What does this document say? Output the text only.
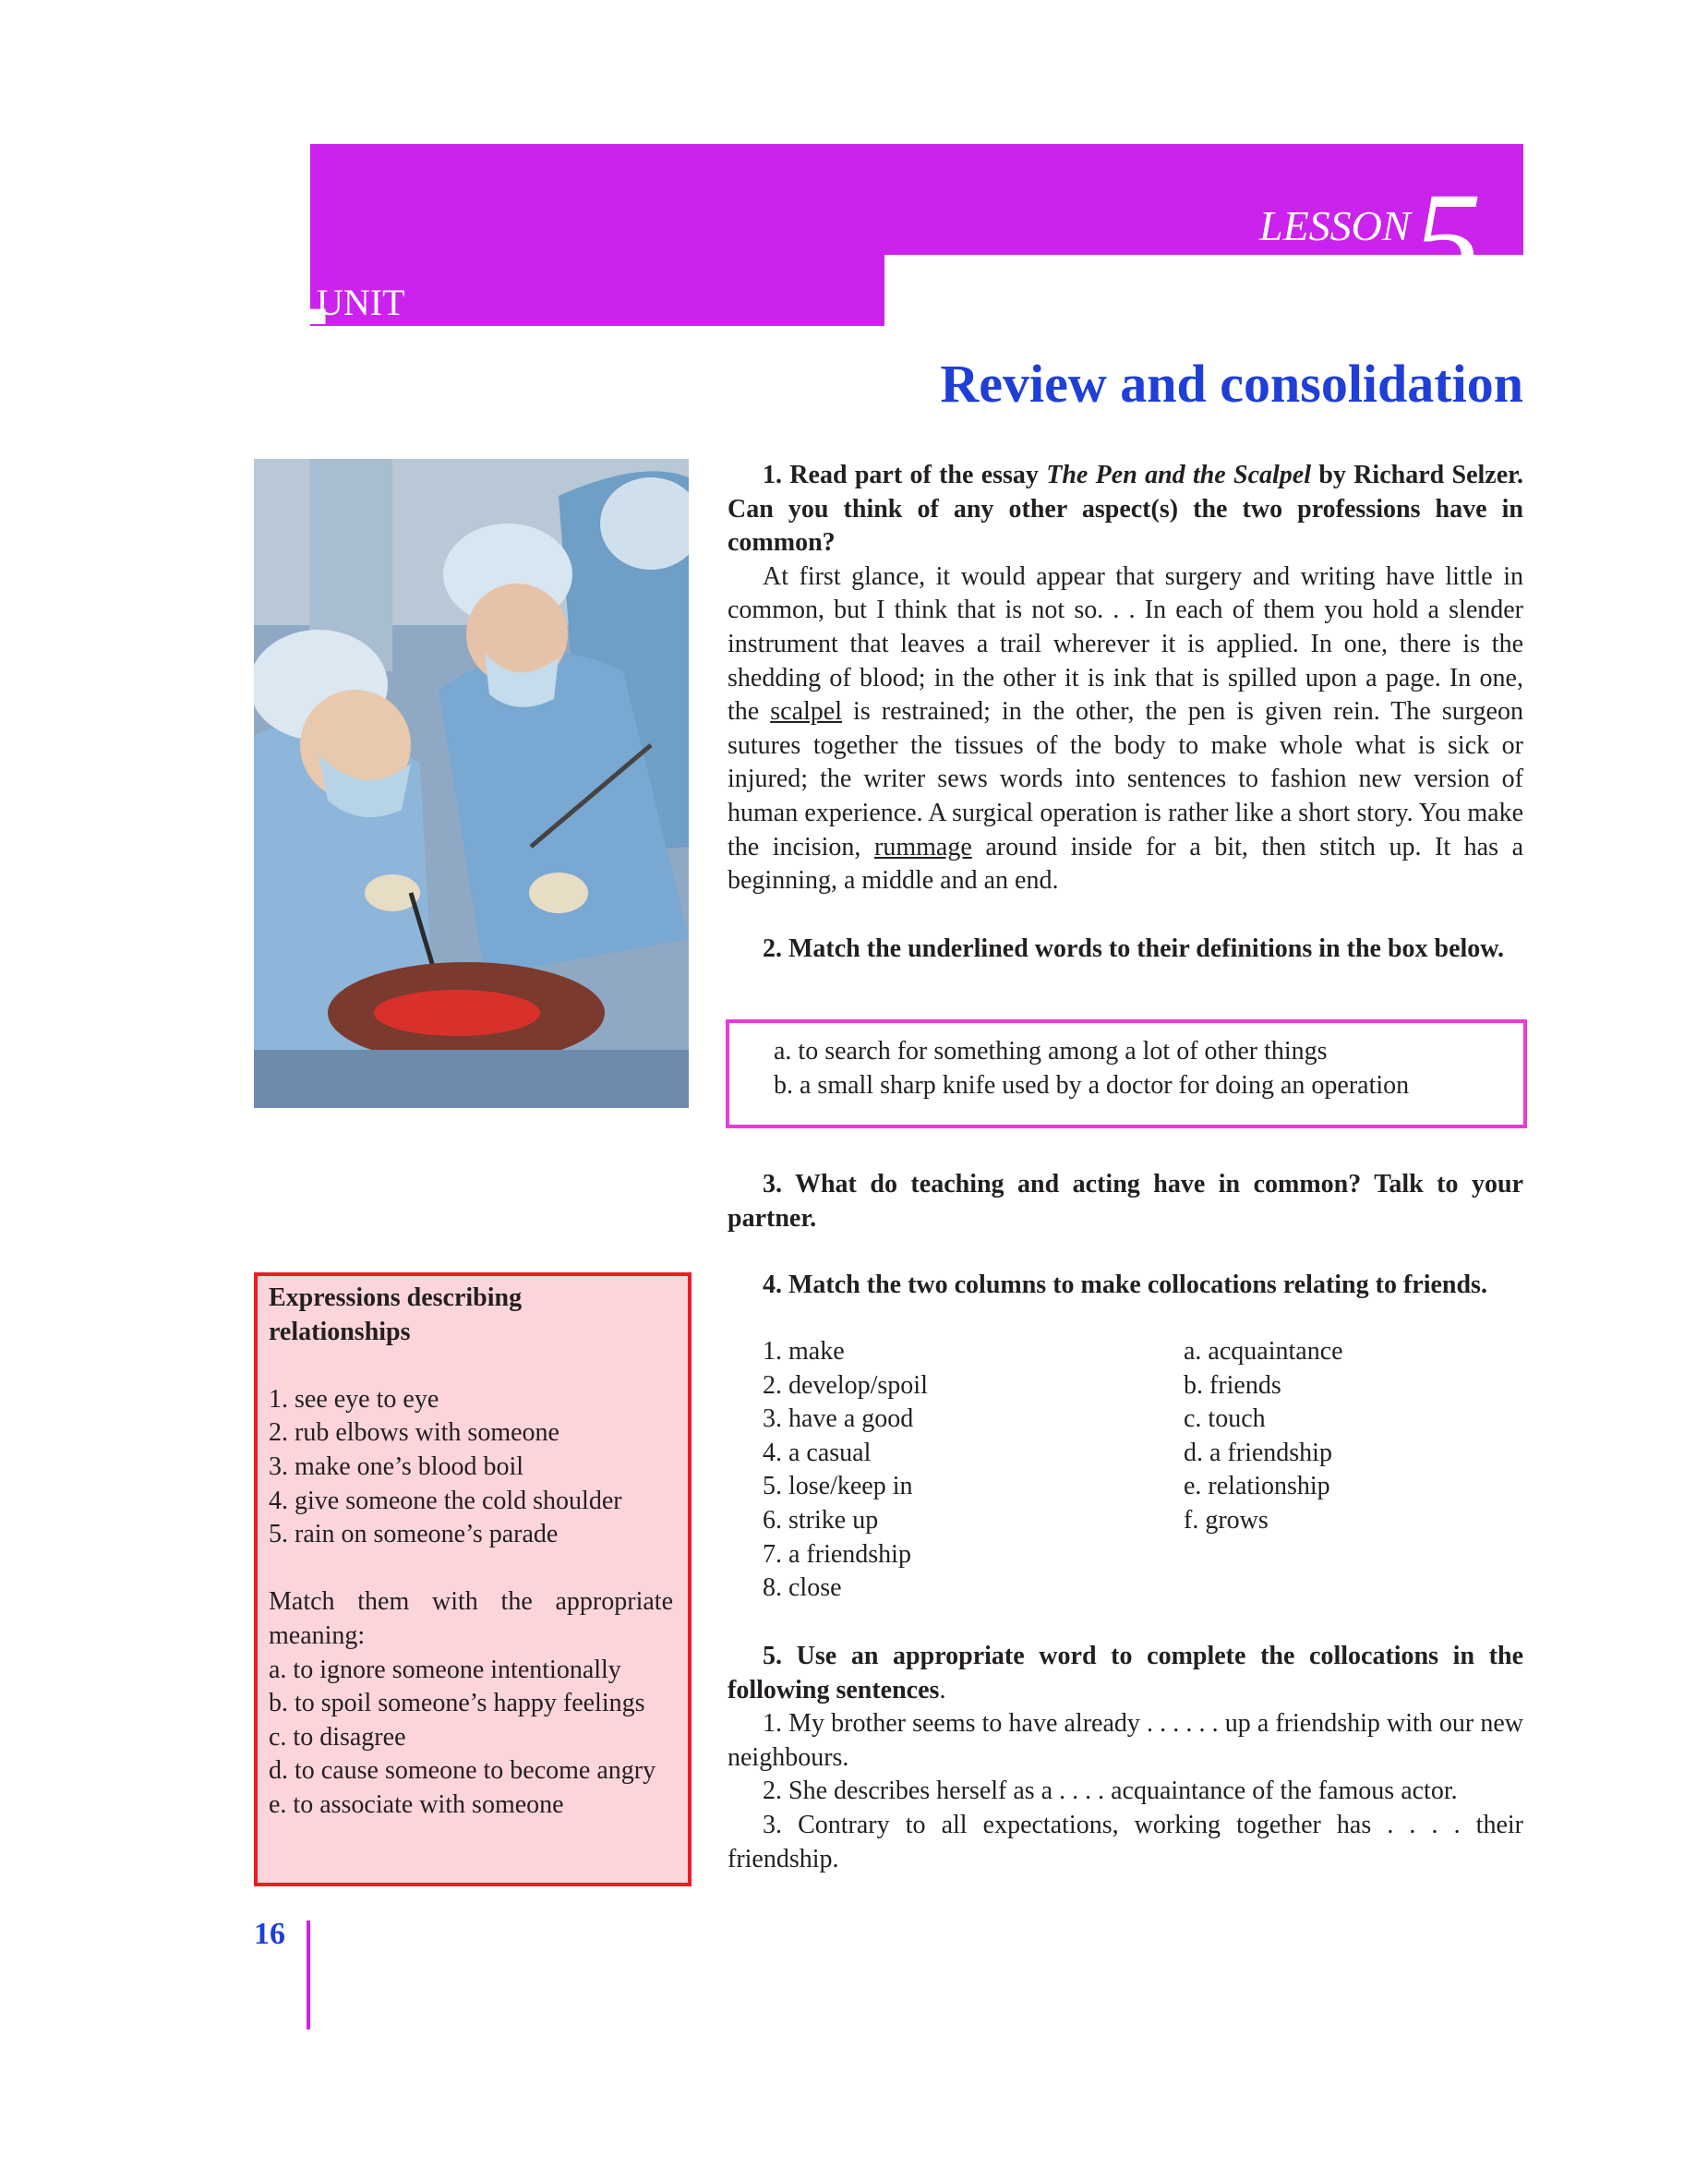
1
UNIT
LESSON 5
Review and consolidation

1. Read part of the essay The Pen and the Scalpel by Richard Selzer. Can you think of any other aspect(s) the two professions have in common?

At first glance, it would appear that surgery and writing have little in common, but I think that is not so. . . In each of them you hold a slender instrument that leaves a trail wherever it is applied. In one, there is the shedding of blood; in the other it is ink that is spilled upon a page. In one, the scalpel is restrained; in the other, the pen is given rein. The surgeon sutures together the tissues of the body to make whole what is sick or injured; the writer sews words into sentences to fashion new version of human experience. A surgical operation is rather like a short story. You make the incision, rummage around inside for a bit, then stitch up. It has a beginning, a middle and an end.

2. Match the underlined words to their definitions in the box below.

a. to search for something among a lot of other things
b. a small sharp knife used by a doctor for doing an operation

3. What do teaching and acting have in common? Talk to your partner.

4. Match the two columns to make collocations relating to friends.

1. make
2. develop/spoil
3. have a good
4. a casual
5. lose/keep in
6. strike up
7. a friendship
8. close
a. acquaintance
b. friends
c. touch
d. a friendship
e. relationship
f. grows

5. Use an appropriate word to complete the collocations in the following sentences.

1. My brother seems to have already . . . . . . up a friendship with our new neighbours.

2. She describes herself as a . . . . acquaintance of the famous actor.

3. Contrary to all expectations, working together has . . . . their friendship.

Expressions describing relationships

1. see eye to eye

2. rub elbows with someone

3. make one’s blood boil

4. give someone the cold shoulder

5. rain on someone’s parade

Match them with the appropriate meaning:

a. to ignore someone intentionally

b. to spoil someone’s happy feelings

c. to disagree

d. to cause someone to become angry

e. to associate with someone

16
